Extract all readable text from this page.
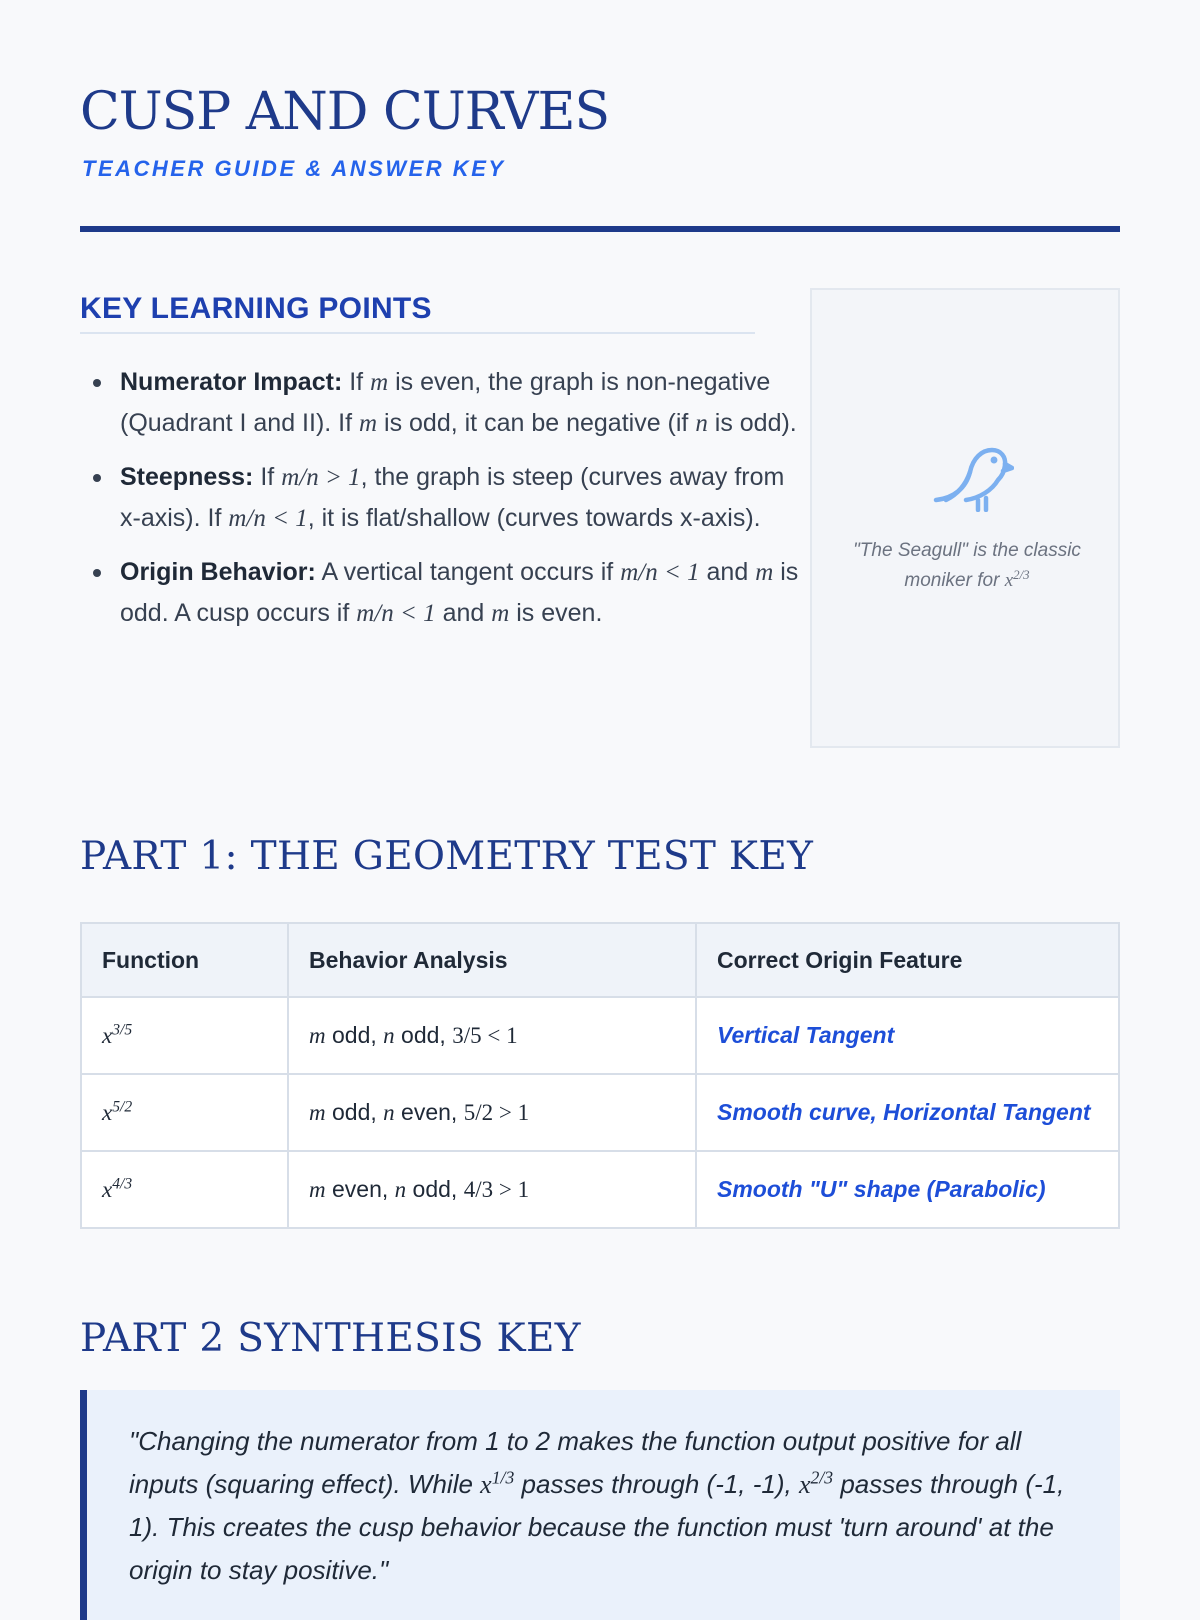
CUSP AND CURVES
TEACHER GUIDE & ANSWER KEY
KEY LEARNING POINTS
Numerator Impact: If m is even, the graph is non-negative (Quadrant I and II). If m is odd, it can be negative (if n is odd).
Steepness: If m/n > 1, the graph is steep (curves away from x-axis). If m/n < 1, it is flat/shallow (curves towards x-axis).
Origin Behavior: A vertical tangent occurs if m/n < 1 and m is odd. A cusp occurs if m/n < 1 and m is even.

"The Seagull" is the classic moniker for $x^{2/3}$

PART 1: THE GEOMETRY TEST KEY
Function	Behavior Analysis	Correct Origin Feature
$x^{3/5}$	m odd, n odd, 3/5 < 1	Vertical Tangent
$x^{5/2}$	m odd, n even, 5/2 > 1	Smooth curve, Horizontal Tangent
$x^{4/3}$	m even, n odd, 4/3 > 1	Smooth "U" shape (Parabolic)
PART 2 SYNTHESIS KEY

"Changing the numerator from 1 to 2 makes the function output positive for all inputs (squaring effect). While $x^{1/3}$ passes through (-1, -1), $x^{2/3}$ passes through (-1, 1). This creates the cusp behavior because the function must 'turn around' at the origin to stay positive."
